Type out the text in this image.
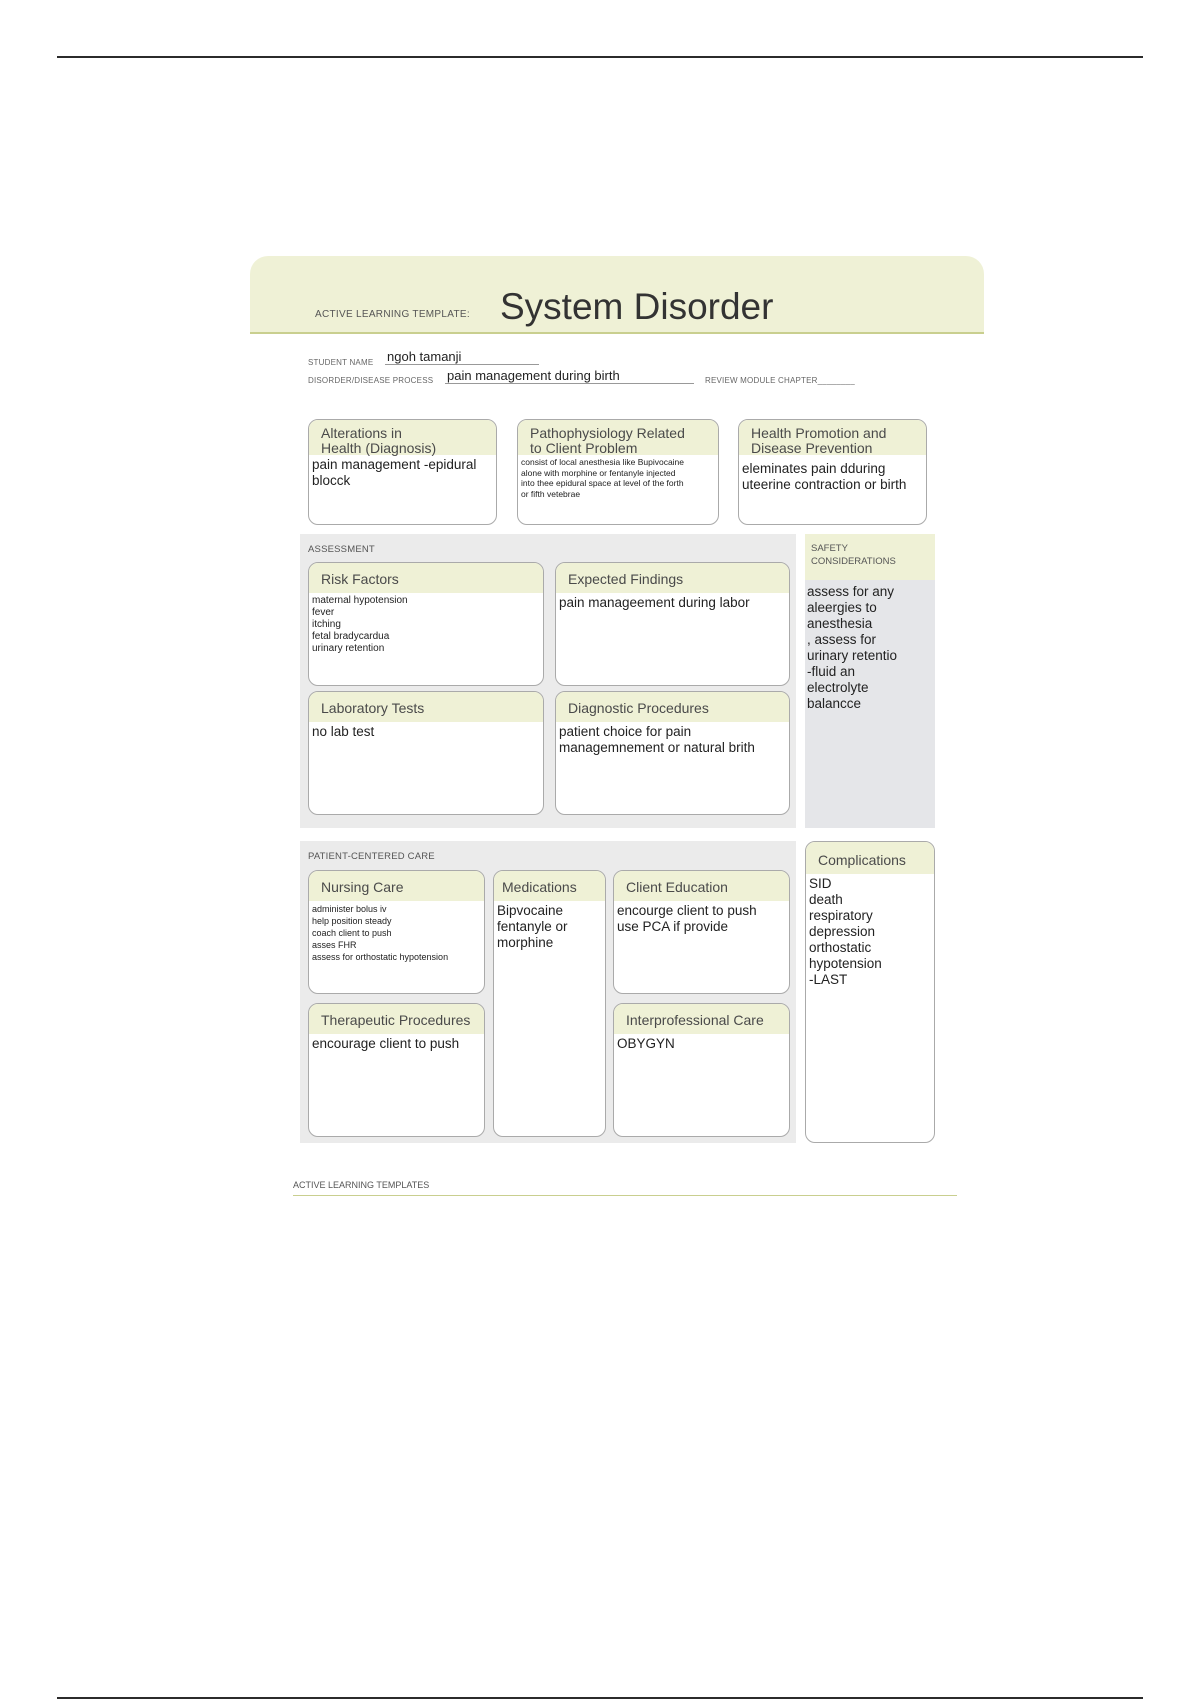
ACTIVE LEARNING TEMPLATE: System Disorder
STUDENT NAME ngoh tamanji
DISORDER/DISEASE PROCESS pain management during birth	REVIEW MODULE CHAPTER________
Alterations in
Health (Diagnosis)
pain management -epidural
blocck
Pathophysiology Related
to Client Problem
consist of local anesthesia like Bupivocaine
alone with morphine or fentanyle injected
into thee epidural space at level of the forth
or fifth vetebrae
Health Promotion and
Disease Prevention
eleminates pain dduring
uteerine contraction or birth
ASSESSMENT
Risk Factors
maternal hypotension
fever
itching
fetal bradycardua
urinary retention
Expected Findings
pain manageement during labor
Laboratory Tests
no lab test
Diagnostic Procedures
patient choice for pain
managemnement or natural brith
SAFETY
CONSIDERATIONS
assess for any
aleergies to
anesthesia
, assess for
urinary retentio
-fluid an
electrolyte
balancce
PATIENT-CENTERED CARE
Nursing Care
administer bolus iv
help position steady
coach client to push
asses FHR
assess for orthostatic hypotension
Medications
Bipvocaine
fentanyle or
morphine
Client Education
encourge client to push
use PCA if provide
Therapeutic Procedures
encourage client to push
Interprofessional Care
OBYGYN
Complications
SID
death
respiratory
depression
orthostatic
hypotension
-LAST
ACTIVE LEARNING TEMPLATES
